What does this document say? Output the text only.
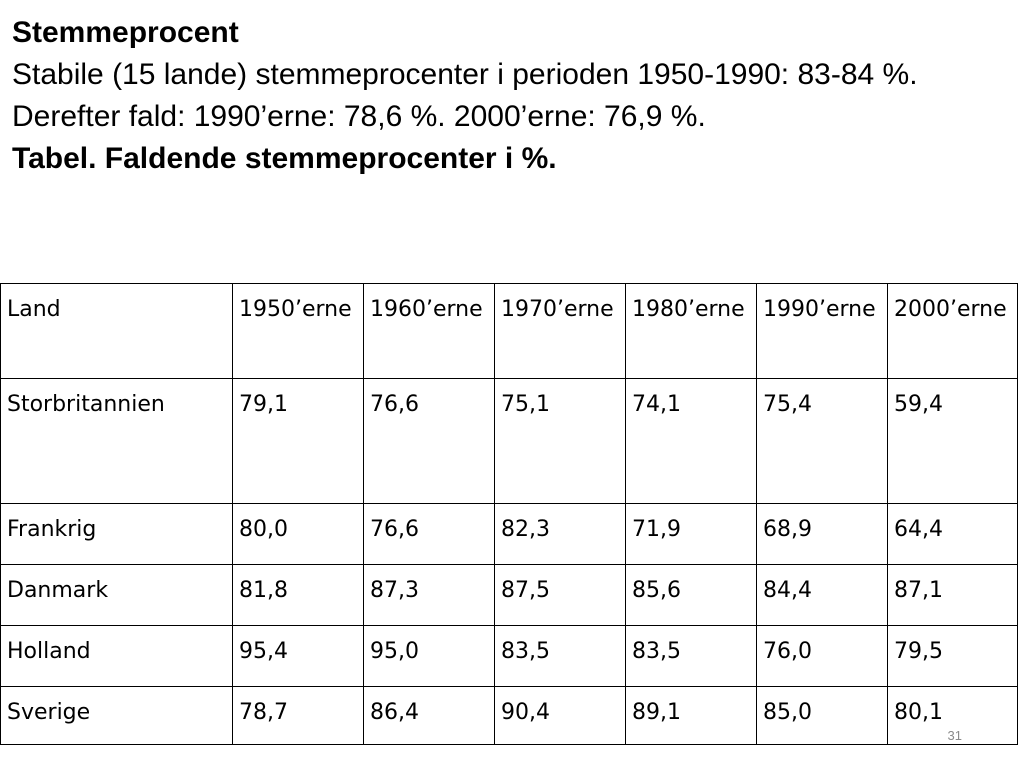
Stemmeprocent
Stabile (15 lande) stemmeprocenter i perioden 1950-1990: 83-84 %. Derefter fald: 1990’erne: 78,6 %. 2000’erne: 76,9 %.
Tabel. Faldende stemmeprocenter i %.
Land	1950’erne	1960’erne	1970’erne	1980’erne	1990’erne	2000’erne

Storbritannien	79,1	76,6	75,1	74,1	75,4	59,4

Frankrig	80,0	76,6	82,3	71,9	68,9	64,4

Danmark	81,8	87,3	87,5	85,6	84,4	87,1

Holland	95,4	95,0	83,5	83,5	76,0	79,5

Sverige	78,7	86,4	90,4	89,1	85,0	80,1
31
